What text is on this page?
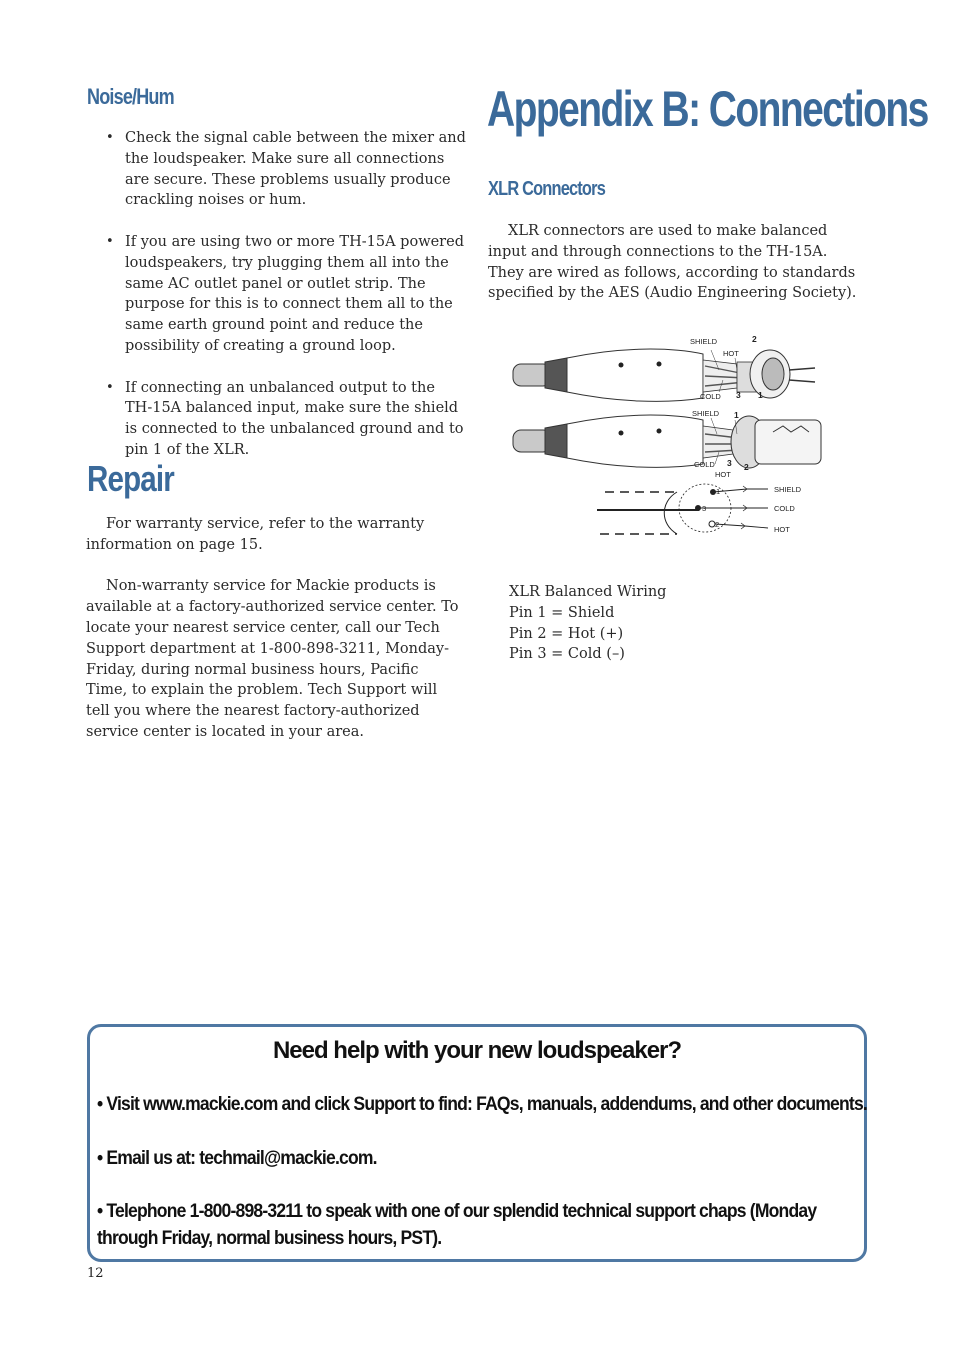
Noise/Hum
• Check the signal cable between the mixer and the loudspeaker. Make sure all connections are secure. These problems usually produce crackling noises or hum.
• If you are using two or more TH-15A powered loudspeakers, try plugging them all into the same AC outlet panel or outlet strip. The purpose for this is to connect them all to the same earth ground point and reduce the possibility of creating a ground loop.
• If connecting an unbalanced output to the TH-15A balanced input, make sure the shield is connected to the unbalanced ground and to pin 1 of the XLR.
Repair

For warranty service, refer to the warranty information on page 15.

Non-warranty service for Mackie products is available at a factory-authorized service center. To locate your nearest service center, call our Tech Support department at 1-800-898-3211, Monday-Friday, during normal business hours, Pacific Time, to explain the problem. Tech Support will tell you where the nearest factory-authorized service center is located in your area.

Appendix B: Connections
XLR Connectors

XLR connectors are used to make balanced input and through connections to the TH-15A. They are wired as follows, according to standards specified by the AES (Audio Engineering Society).

SHIELD
HOT
2
COLD 3 1
SHIELD 1
COLD 3 2
HOT
1
3
2
SHIELD
COLD
HOT
XLR Balanced Wiring
Pin 1 = Shield
Pin 2 = Hot (+)
Pin 3 = Cold (–)
Need help with your new loudspeaker?
• Visit www.mackie.com and click Support to find: FAQs, manuals, addendums, and other documents.
• Email us at: techmail@mackie.com.
• Telephone 1-800-898-3211 to speak with one of our splendid technical support chaps (Monday
through Friday, normal business hours, PST).
12
